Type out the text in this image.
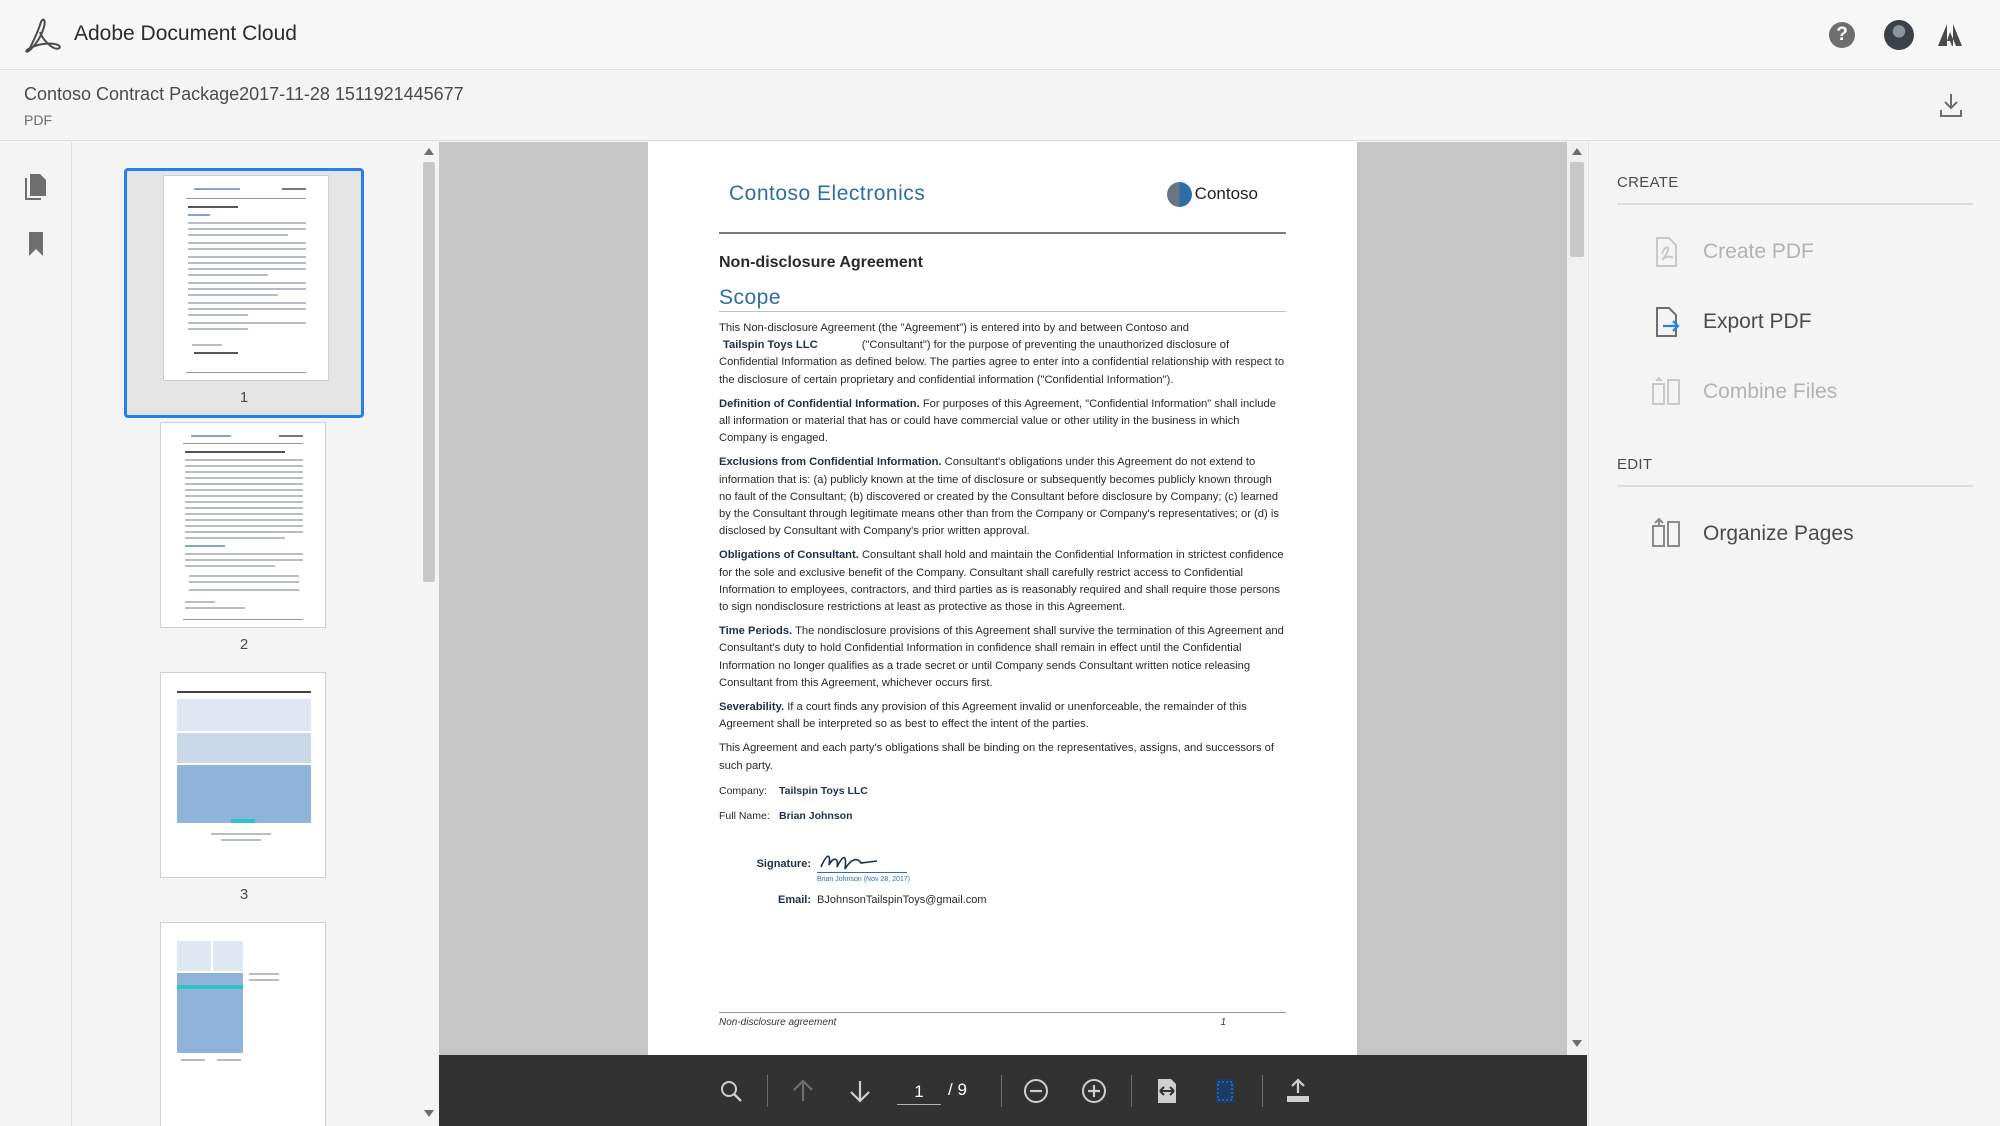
Adobe Document Cloud	?
Contoso Contract Package2017-11-28 1511921445677
PDF
1
2
3
Contoso Electronics	Contoso
Non-disclosure Agreement
Scope

This Non-disclosure Agreement (the "Agreement") is entered into by and between Contoso and
Tailspin Toys LLC	("Consultant") for the purpose of preventing the unauthorized disclosure of Confidential Information as defined below. The parties agree to enter into a confidential relationship with respect to the disclosure of certain proprietary and confidential information ("Confidential Information").

Definition of Confidential Information. For purposes of this Agreement, "Confidential Information" shall include all information or material that has or could have commercial value or other utility in the business in which Company is engaged.

Exclusions from Confidential Information. Consultant's obligations under this Agreement do not extend to information that is: (a) publicly known at the time of disclosure or subsequently becomes publicly known through no fault of the Consultant; (b) discovered or created by the Consultant before disclosure by Company; (c) learned by the Consultant through legitimate means other than from the Company or Company's representatives; or (d) is disclosed by Consultant with Company's prior written approval.

Obligations of Consultant. Consultant shall hold and maintain the Confidential Information in strictest confidence for the sole and exclusive benefit of the Company. Consultant shall carefully restrict access to Confidential Information to employees, contractors, and third parties as is reasonably required and shall require those persons to sign nondisclosure restrictions at least as protective as those in this Agreement.

Time Periods. The nondisclosure provisions of this Agreement shall survive the termination of this Agreement and Consultant's duty to hold Confidential Information in confidence shall remain in effect until the Confidential Information no longer qualifies as a trade secret or until Company sends Consultant written notice releasing Consultant from this Agreement, whichever occurs first.

Severability. If a court finds any provision of this Agreement invalid or unenforceable, the remainder of this Agreement shall be interpreted so as best to effect the intent of the parties.

This Agreement and each party's obligations shall be binding on the representatives, assigns, and successors of such party.

Company: Tailspin Toys LLC
Full Name: Brian Johnson
Signature:
Brian Johnson (Nov 28, 2017)
Email: BJohnsonTailspinToys@gmail.com
Non-disclosure agreement	1
1
/ 9
CREATE
Create PDF
Export PDF
Combine Files
EDIT
Organize Pages
